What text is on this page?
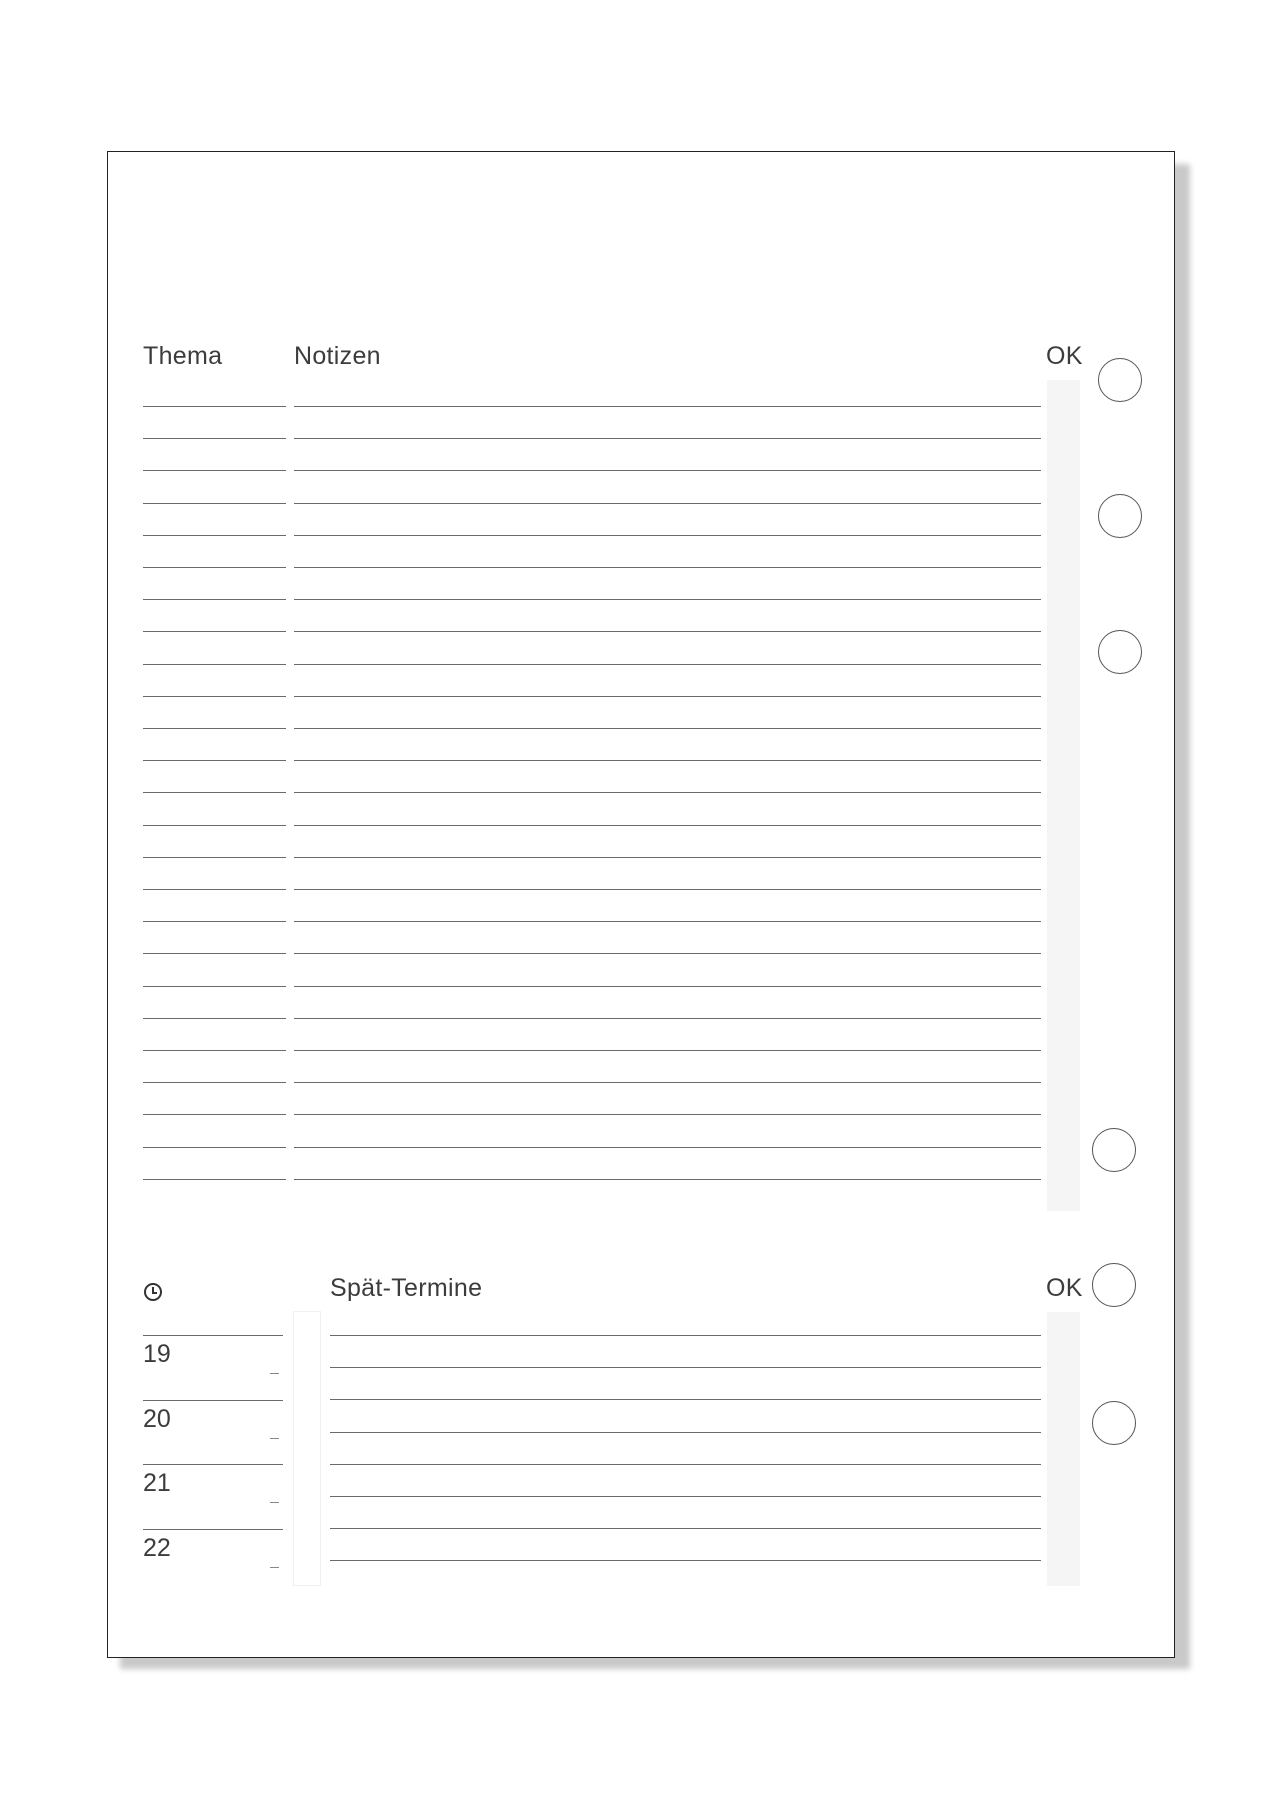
Thema	Notizen	OK
Spät-Termine	OK
19
20
21
22
